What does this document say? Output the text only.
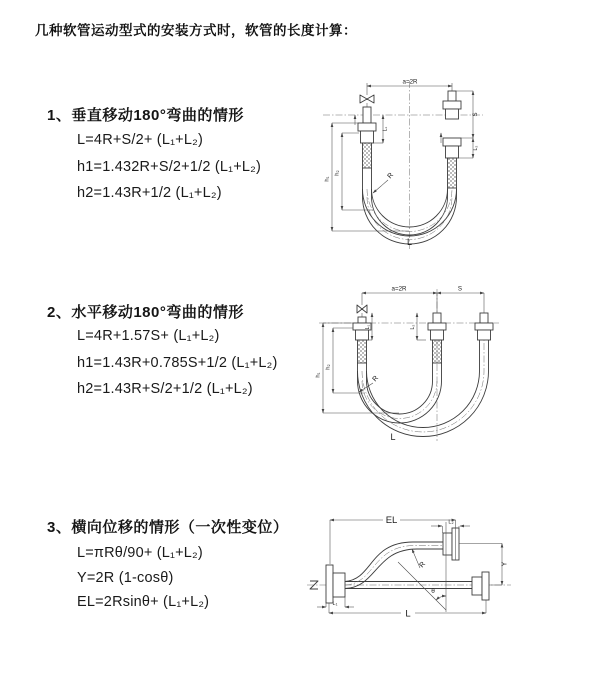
几种软管运动型式的安装方式时，软管的长度计算：
1、垂直移动180°弯曲的情形
L=4R+S/2+ (L₁+L₂)
h1=1.432R+S/2+1/2 (L₁+L₂)
h2=1.43R+1/2 (L₁+L₂)
2、水平移动180°弯曲的情形
L=4R+1.57S+ (L₁+L₂)
h1=1.43R+0.785S+1/2 (L₁+L₂)
h2=1.43R+S/2+1/2 (L₁+L₂)
3、横向位移的情形（一次性变位）
L=πRθ/90+ (L₁+L₂)
Y=2R (1-cosθ)
EL=2Rsinθ+ (L₁+L₂)
a=2R
h₁
h₂
L₁
S
L₂
R
L
a=2R	S
L₁	L₂
h₁
h₂
R
L
EL	L₂
θ
R	Y
L
L₁
